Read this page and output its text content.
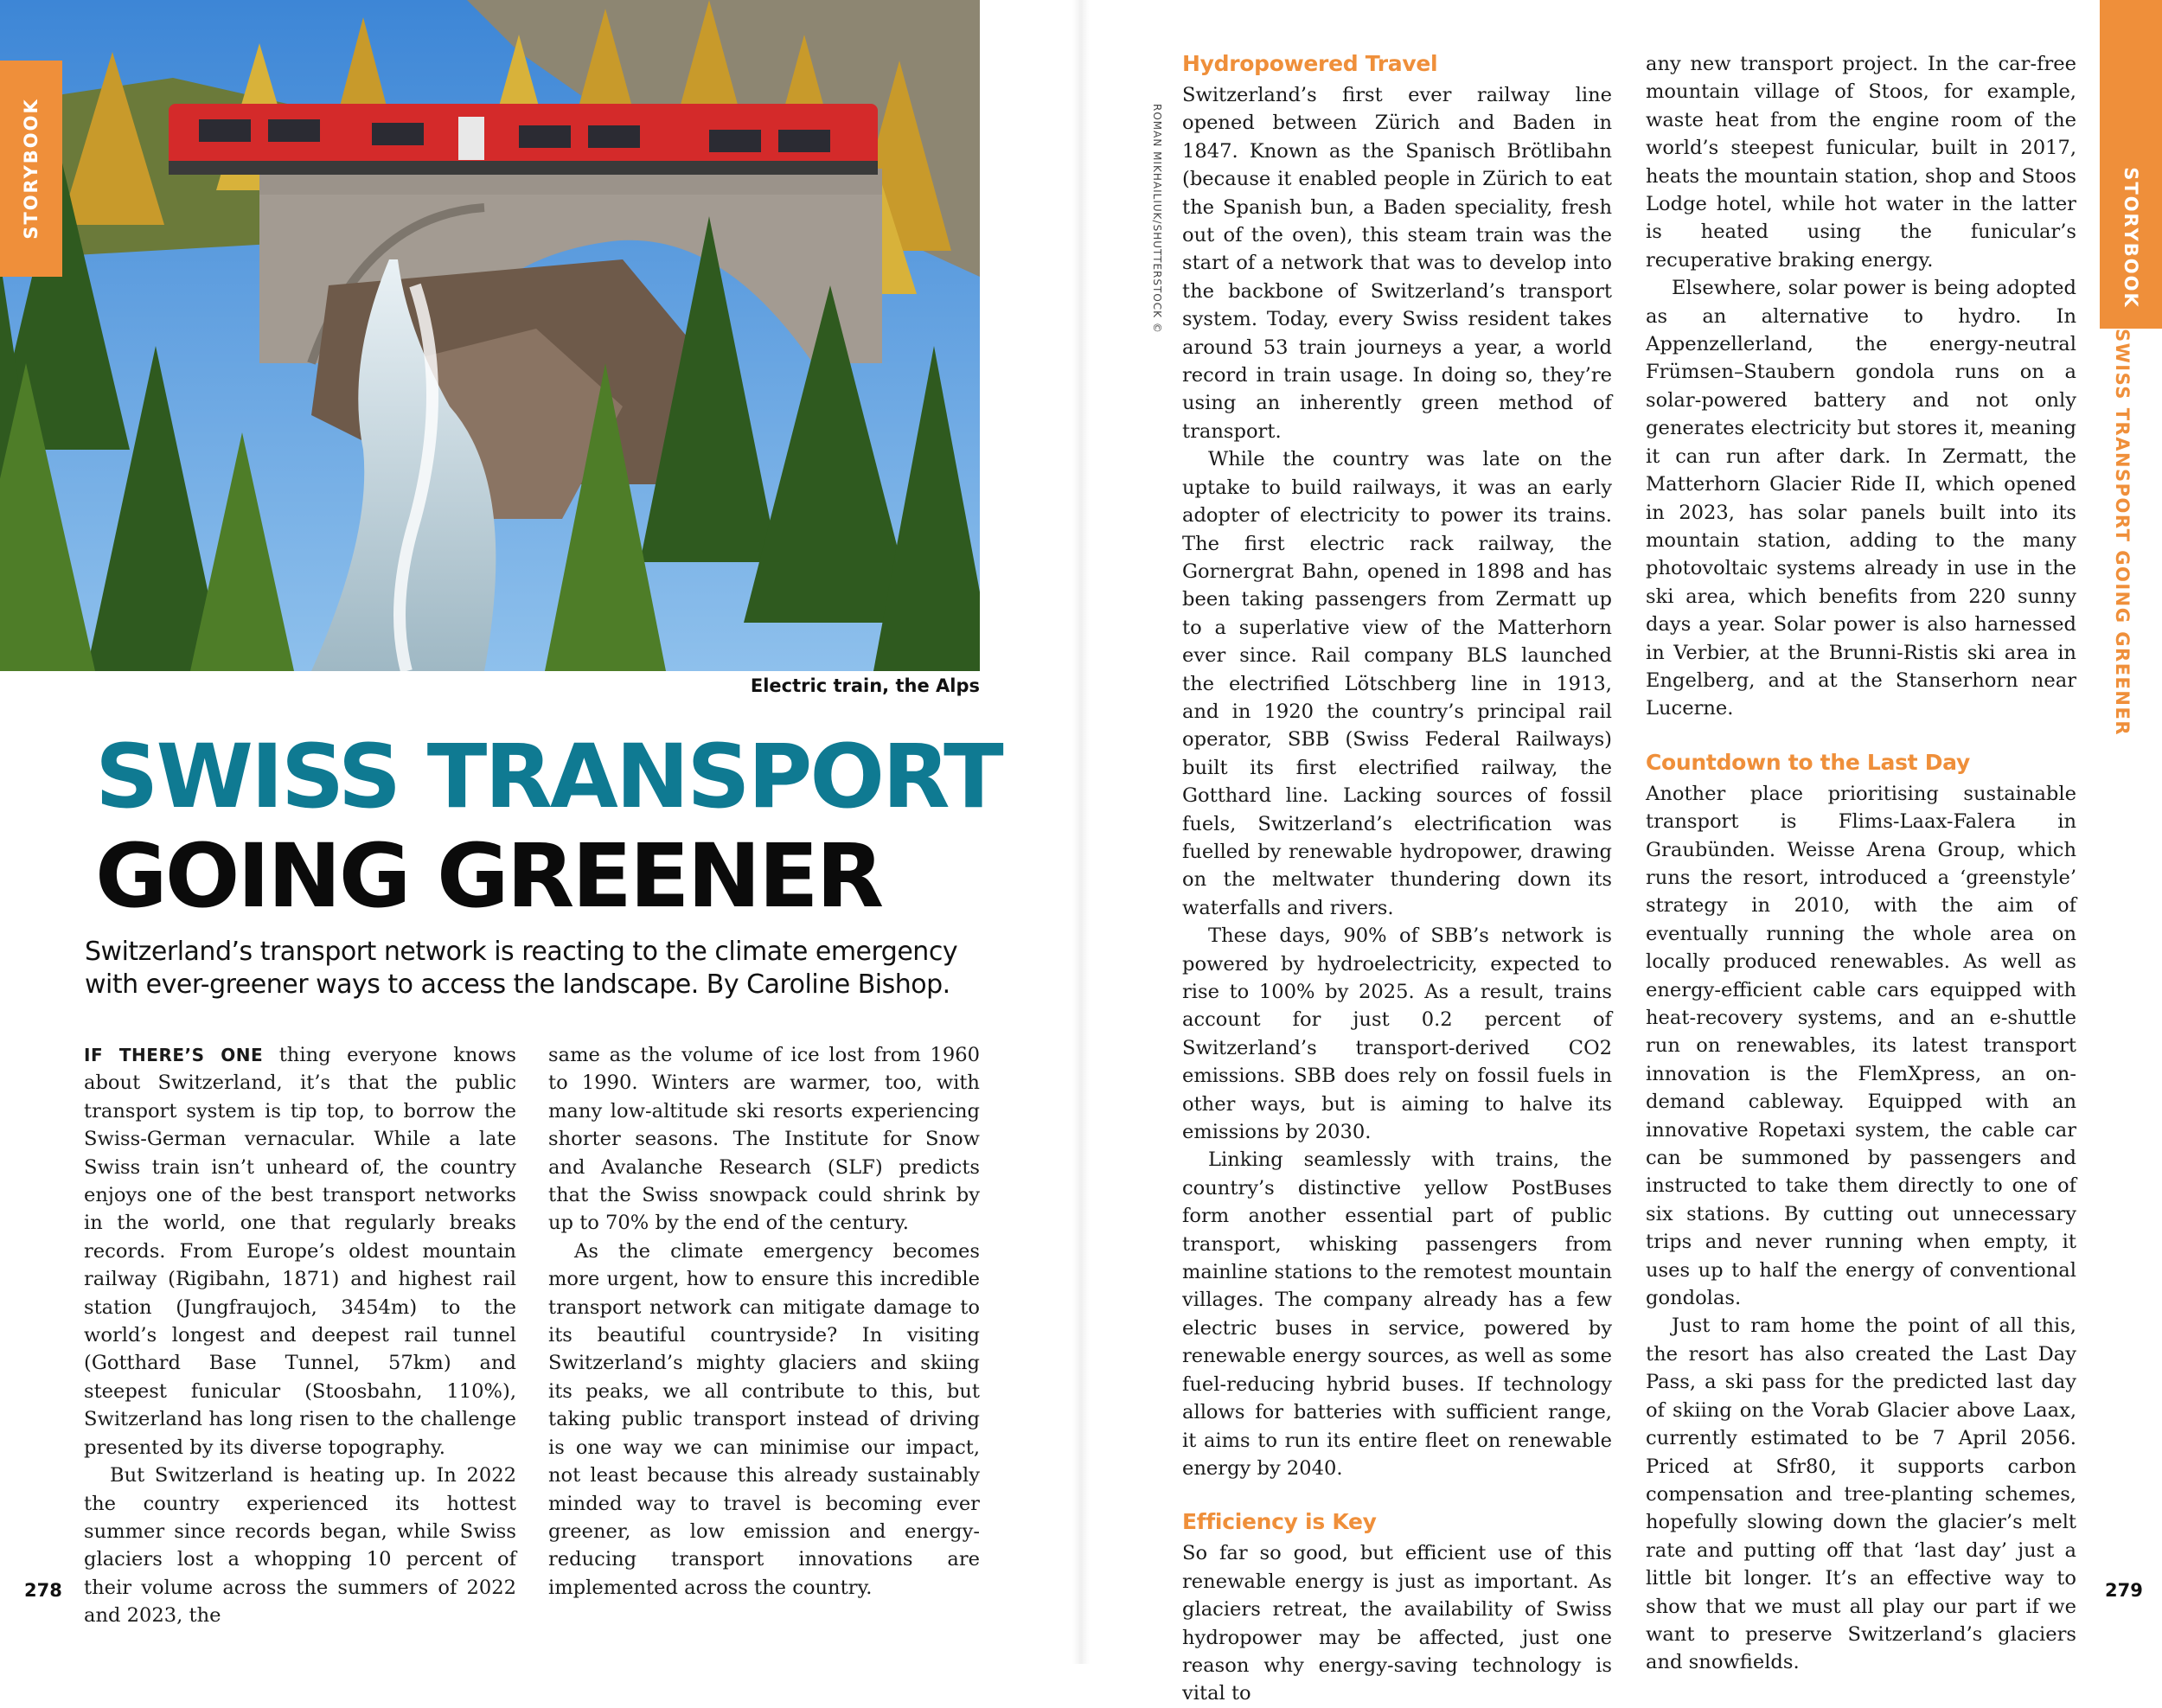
STORYBOOK
Electric train, the Alps
SWISS TRANSPORT
GOING GREENER
Switzerland’s transport network is reacting to the climate emergency with ever-greener ways to access the landscape. By Caroline Bishop.

IF THERE’S ONE thing everyone knows about Switzerland, it’s that the public transport system is tip top, to borrow the Swiss-German vernacular. While a late Swiss train isn’t unheard of, the country enjoys one of the best transport networks in the world, one that regularly breaks records. From Europe’s oldest mountain railway (Rigibahn, 1871) and highest rail station (Jungfraujoch, 3454m) to the world’s longest and deepest rail tunnel (Gotthard Base Tunnel, 57km) and steepest funicular (Stoosbahn, 110%), Switzerland has long risen to the challenge presented by its diverse topography.

But Switzerland is heating up. In 2022 the country experienced its hottest summer since records began, while Swiss glaciers lost a whopping 10 percent of their volume across the summers of 2022 and 2023, the

same as the volume of ice lost from 1960 to 1990. Winters are warmer, too, with many low-altitude ski resorts experiencing shorter seasons. The Institute for Snow and Avalanche Research (SLF) predicts that the Swiss snowpack could shrink by up to 70% by the end of the century.

As the climate emergency becomes more urgent, how to ensure this incredible transport network can mitigate damage to its beautiful countryside? In visiting Switzerland’s mighty glaciers and skiing its peaks, we all contribute to this, but taking public transport instead of driving is one way we can minimise our impact, not least because this already sustainably minded way to travel is becoming ever greener, as low emission and energy-reducing transport innovations are implemented across the country.

278
ROMAN MIKHAILIUK/SHUTTERSTOCK ©
Hydropowered Travel

Switzerland’s first ever railway line opened between Zürich and Baden in 1847. Known as the Spanisch Brötlibahn (because it enabled people in Zürich to eat the Spanish bun, a Baden speciality, fresh out of the oven), this steam train was the start of a network that was to develop into the backbone of Switzerland’s transport system. Today, every Swiss resident takes around 53 train journeys a year, a world record in train usage. In doing so, they’re using an inherently green method of transport.

While the country was late on the uptake to build railways, it was an early adopter of electricity to power its trains. The first electric rack railway, the Gornergrat Bahn, opened in 1898 and has been taking passengers from Zermatt up to a superlative view of the Matterhorn ever since. Rail company BLS launched the electrified Lötschberg line in 1913, and in 1920 the country’s principal rail operator, SBB (Swiss Federal Railways) built its first electrified railway, the Gotthard line. Lacking sources of fossil fuels, Switzerland’s electrification was fuelled by renewable hydropower, drawing on the meltwater thundering down its waterfalls and rivers.

These days, 90% of SBB’s network is powered by hydroelectricity, expected to rise to 100% by 2025. As a result, trains account for just 0.2 percent of Switzerland’s transport-derived CO2 emissions. SBB does rely on fossil fuels in other ways, but is aiming to halve its emissions by 2030.

Linking seamlessly with trains, the country’s distinctive yellow PostBuses form another essential part of public transport, whisking passengers from mainline stations to the remotest mountain villages. The company already has a few electric buses in service, powered by renewable energy sources, as well as some fuel-reducing hybrid buses. If technology allows for batteries with sufficient range, it aims to run its entire fleet on renewable energy by 2040.

Efficiency is Key

So far so good, but efficient use of this renewable energy is just as important. As glaciers retreat, the availability of Swiss hydropower may be affected, just one reason why energy-saving technology is vital to

any new transport project. In the car-free mountain village of Stoos, for example, waste heat from the engine room of the world’s steepest funicular, built in 2017, heats the mountain station, shop and Stoos Lodge hotel, while hot water in the latter is heated using the funicular’s recuperative braking energy.

Elsewhere, solar power is being adopted as an alternative to hydro. In Appenzellerland, the energy-neutral Frümsen–Staubern gondola runs on a solar-powered battery and not only generates electricity but stores it, meaning it can run after dark. In Zermatt, the Matterhorn Glacier Ride II, which opened in 2023, has solar panels built into its mountain station, adding to the many photovoltaic systems already in use in the ski area, which benefits from 220 sunny days a year. Solar power is also harnessed in Verbier, at the Brunni-Ristis ski area in Engelberg, and at the Stanserhorn near Lucerne.

Countdown to the Last Day

Another place prioritising sustainable transport is Flims-Laax-Falera in Graubünden. Weisse Arena Group, which runs the resort, introduced a ‘greenstyle’ strategy in 2010, with the aim of eventually running the whole area on locally produced renewables. As well as energy-efficient cable cars equipped with heat-recovery systems, and an e-shuttle run on renewables, its latest transport innovation is the FlemXpress, an on-demand cableway. Equipped with an innovative Ropetaxi system, the cable car can be summoned by passengers and instructed to take them directly to one of six stations. By cutting out unnecessary trips and never running when empty, it uses up to half the energy of conventional gondolas.

Just to ram home the point of all this, the resort has also created the Last Day Pass, a ski pass for the predicted last day of skiing on the Vorab Glacier above Laax, currently estimated to be 7 April 2056. Priced at Sfr80, it supports carbon compensation and tree-planting schemes, hopefully slowing down the glacier’s melt rate and putting off that ‘last day’ just a little bit longer. It’s an effective way to show that we must all play our part if we want to preserve Switzerland’s glaciers and snowfields.

STORYBOOK
SWISS TRANSPORT GOING GREENER
279
